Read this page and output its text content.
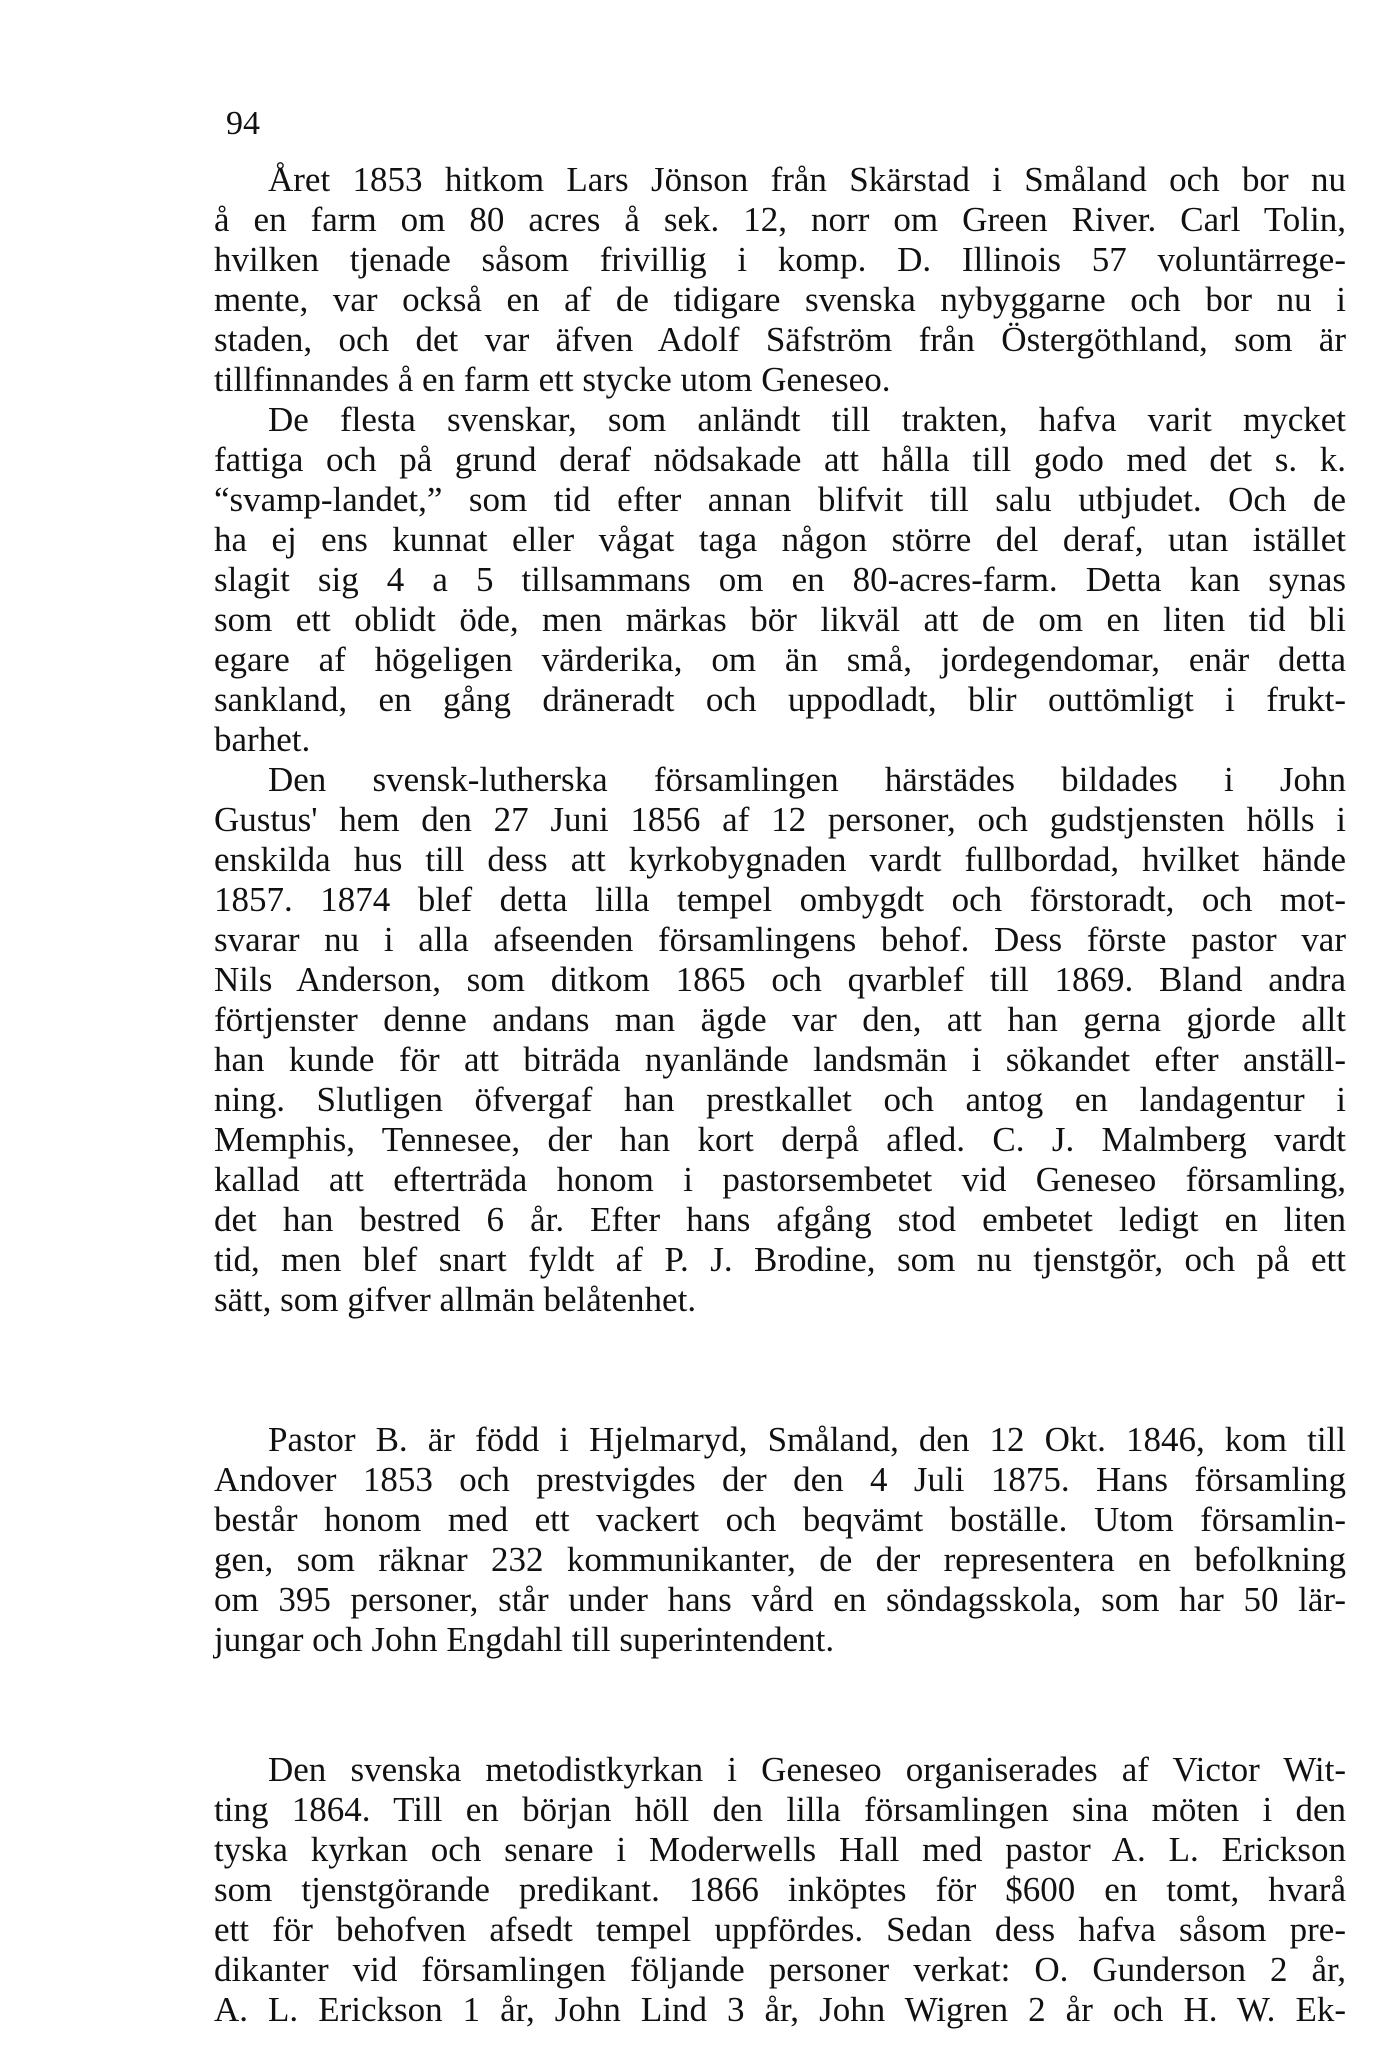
94
Året 1853 hitkom Lars Jönson från Skärstad i Småland och bor nu
å en farm om 80 acres å sek. 12, norr om Green River. Carl Tolin,
hvilken tjenade såsom frivillig i komp. D. Illinois 57 voluntärrege-
mente, var också en af de tidigare svenska nybyggarne och bor nu i
staden, och det var äfven Adolf Säfström från Östergöthland, som är
tillfinnandes å en farm ett stycke utom Geneseo.
De flesta svenskar, som anländt till trakten, hafva varit mycket
fattiga och på grund deraf nödsakade att hålla till godo med det s. k.
“svamp-landet,” som tid efter annan blifvit till salu utbjudet. Och de
ha ej ens kunnat eller vågat taga någon större del deraf, utan istället
slagit sig 4 a 5 tillsammans om en 80-acres-farm. Detta kan synas
som ett oblidt öde, men märkas bör likväl att de om en liten tid bli
egare af högeligen värderika, om än små, jordegendomar, enär detta
sankland, en gång dräneradt och uppodladt, blir outtömligt i frukt-
barhet.
Den svensk-lutherska församlingen härstädes bildades i John
Gustus' hem den 27 Juni 1856 af 12 personer, och gudstjensten hölls i
enskilda hus till dess att kyrkobygnaden vardt fullbordad, hvilket hände
1857. 1874 blef detta lilla tempel ombygdt och förstoradt, och mot-
svarar nu i alla afseenden församlingens behof. Dess förste pastor var
Nils Anderson, som ditkom 1865 och qvarblef till 1869. Bland andra
förtjenster denne andans man ägde var den, att han gerna gjorde allt
han kunde för att biträda nyanlände landsmän i sökandet efter anställ-
ning. Slutligen öfvergaf han prestkallet och antog en landagentur i
Memphis, Tennesee, der han kort derpå afled. C. J. Malmberg vardt
kallad att efterträda honom i pastorsembetet vid Geneseo församling,
det han bestred 6 år. Efter hans afgång stod embetet ledigt en liten
tid, men blef snart fyldt af P. J. Brodine, som nu tjenstgör, och på ett
sätt, som gifver allmän belåtenhet.
Pastor B. är född i Hjelmaryd, Småland, den 12 Okt. 1846, kom till
Andover 1853 och prestvigdes der den 4 Juli 1875. Hans församling
består honom med ett vackert och beqvämt boställe. Utom församlin-
gen, som räknar 232 kommunikanter, de der representera en befolkning
om 395 personer, står under hans vård en söndagsskola, som har 50 lär-
jungar och John Engdahl till superintendent.
Den svenska metodistkyrkan i Geneseo organiserades af Victor Wit-
ting 1864. Till en början höll den lilla församlingen sina möten i den
tyska kyrkan och senare i Moderwells Hall med pastor A. L. Erickson
som tjenstgörande predikant. 1866 inköptes för $600 en tomt, hvarå
ett för behofven afsedt tempel uppfördes. Sedan dess hafva såsom pre-
dikanter vid församlingen följande personer verkat: O. Gunderson 2 år,
A. L. Erickson 1 år, John Lind 3 år, John Wigren 2 år och H. W. Ek-
